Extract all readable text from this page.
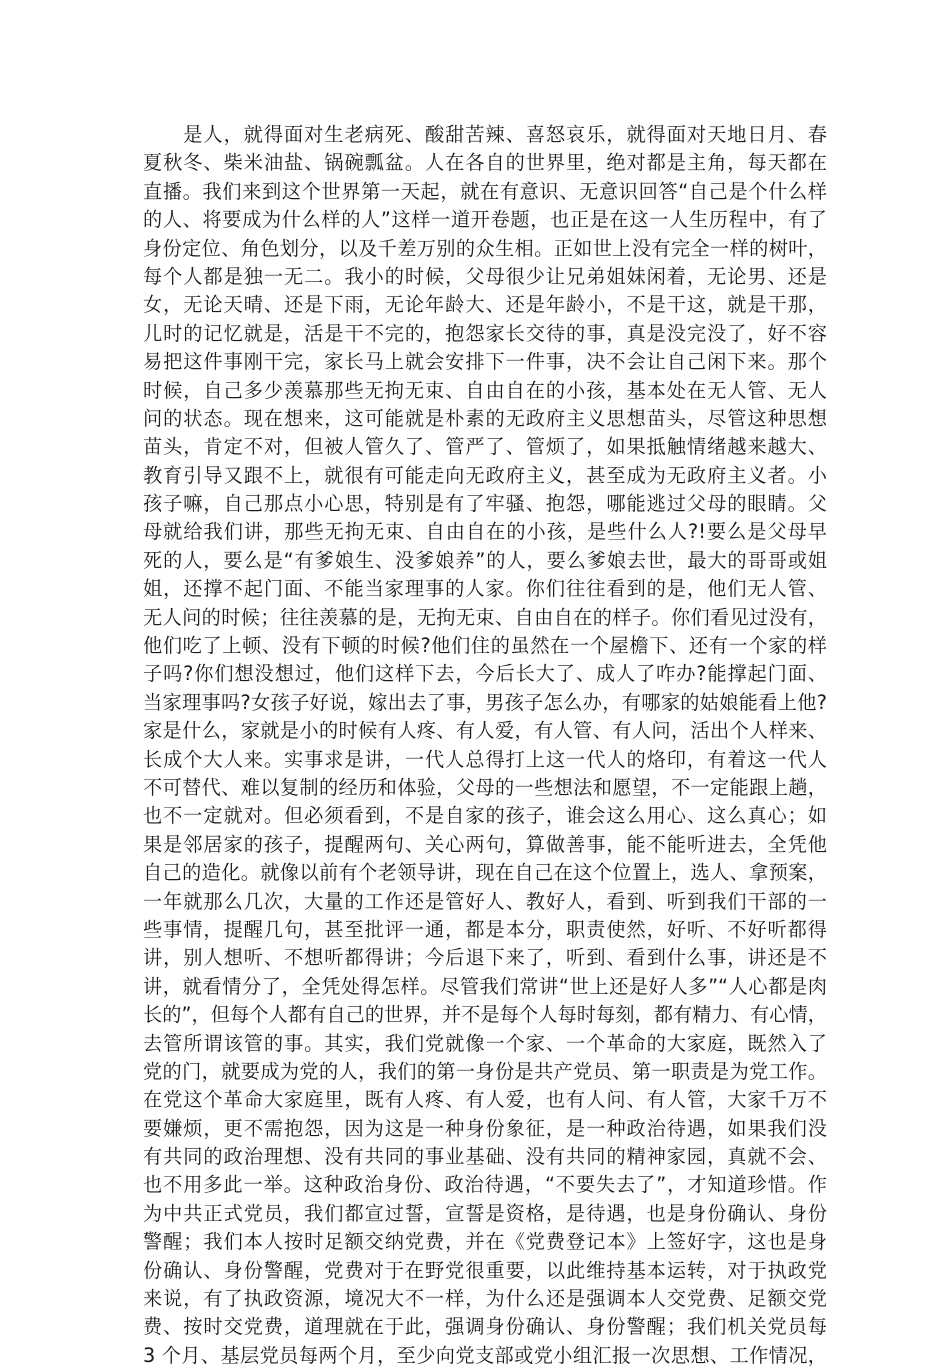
　　是人，就得面对生老病死、酸甜苦辣、喜怒哀乐，就得面对天地日月、春
夏秋冬、柴米油盐、锅碗瓢盆。人在各自的世界里，绝对都是主角，每天都在
直播。我们来到这个世界第一天起，就在有意识、无意识回答“自己是个什么样
的人、将要成为什么样的人”这样一道开卷题，也正是在这一人生历程中，有了
身份定位、角色划分，以及千差万别的众生相。正如世上没有完全一样的树叶，
每个人都是独一无二。我小的时候，父母很少让兄弟姐妹闲着，无论男、还是
女，无论天晴、还是下雨，无论年龄大、还是年龄小，不是干这，就是干那，
儿时的记忆就是，活是干不完的，抱怨家长交待的事，真是没完没了，好不容
易把这件事刚干完，家长马上就会安排下一件事，决不会让自己闲下来。那个
时候，自己多少羡慕那些无拘无束、自由自在的小孩，基本处在无人管、无人
问的状态。现在想来，这可能就是朴素的无政府主义思想苗头，尽管这种思想
苗头，肯定不对，但被人管久了、管严了、管烦了，如果抵触情绪越来越大、
教育引导又跟不上，就很有可能走向无政府主义，甚至成为无政府主义者。小
孩子嘛，自己那点小心思，特别是有了牢骚、抱怨，哪能逃过父母的眼睛。父
母就给我们讲，那些无拘无束、自由自在的小孩，是些什么人?!要么是父母早
死的人，要么是“有爹娘生、没爹娘养”的人，要么爹娘去世，最大的哥哥或姐
姐，还撑不起门面、不能当家理事的人家。你们往往看到的是，他们无人管、
无人问的时候；往往羡慕的是，无拘无束、自由自在的样子。你们看见过没有，
他们吃了上顿、没有下顿的时候?他们住的虽然在一个屋檐下、还有一个家的样
子吗?你们想没想过，他们这样下去，今后长大了、成人了咋办?能撑起门面、
当家理事吗?女孩子好说，嫁出去了事，男孩子怎么办，有哪家的姑娘能看上他?
家是什么，家就是小的时候有人疼、有人爱，有人管、有人问，活出个人样来、
长成个大人来。实事求是讲，一代人总得打上这一代人的烙印，有着这一代人
不可替代、难以复制的经历和体验，父母的一些想法和愿望，不一定能跟上趟，
也不一定就对。但必须看到，不是自家的孩子，谁会这么用心、这么真心；如
果是邻居家的孩子，提醒两句、关心两句，算做善事，能不能听进去，全凭他
自己的造化。就像以前有个老领导讲，现在自己在这个位置上，选人、拿预案，
一年就那么几次，大量的工作还是管好人、教好人，看到、听到我们干部的一
些事情，提醒几句，甚至批评一通，都是本分，职责使然，好听、不好听都得
讲，别人想听、不想听都得讲；今后退下来了，听到、看到什么事，讲还是不
讲，就看情分了，全凭处得怎样。尽管我们常讲“世上还是好人多”“人心都是肉
长的”，但每个人都有自己的世界，并不是每个人每时每刻，都有精力、有心情，
去管所谓该管的事。其实，我们党就像一个家、一个革命的大家庭，既然入了
党的门，就要成为党的人，我们的第一身份是共产党员、第一职责是为党工作。
在党这个革命大家庭里，既有人疼、有人爱，也有人问、有人管，大家千万不
要嫌烦，更不需抱怨，因为这是一种身份象征，是一种政治待遇，如果我们没
有共同的政治理想、没有共同的事业基础、没有共同的精神家园，真就不会、
也不用多此一举。这种政治身份、政治待遇，“不要失去了”，才知道珍惜。作
为中共正式党员，我们都宣过誓，宣誓是资格，是待遇，也是身份确认、身份
警醒；我们本人按时足额交纳党费，并在《党费登记本》上签好字，这也是身
份确认、身份警醒，党费对于在野党很重要，以此维持基本运转，对于执政党
来说，有了执政资源，境况大不一样，为什么还是强调本人交党费、足额交党
费、按时交党费，道理就在于此，强调身份确认、身份警醒；我们机关党员每
3 个月、基层党员每两个月，至少向党支部或党小组汇报一次思想、工作情况，
